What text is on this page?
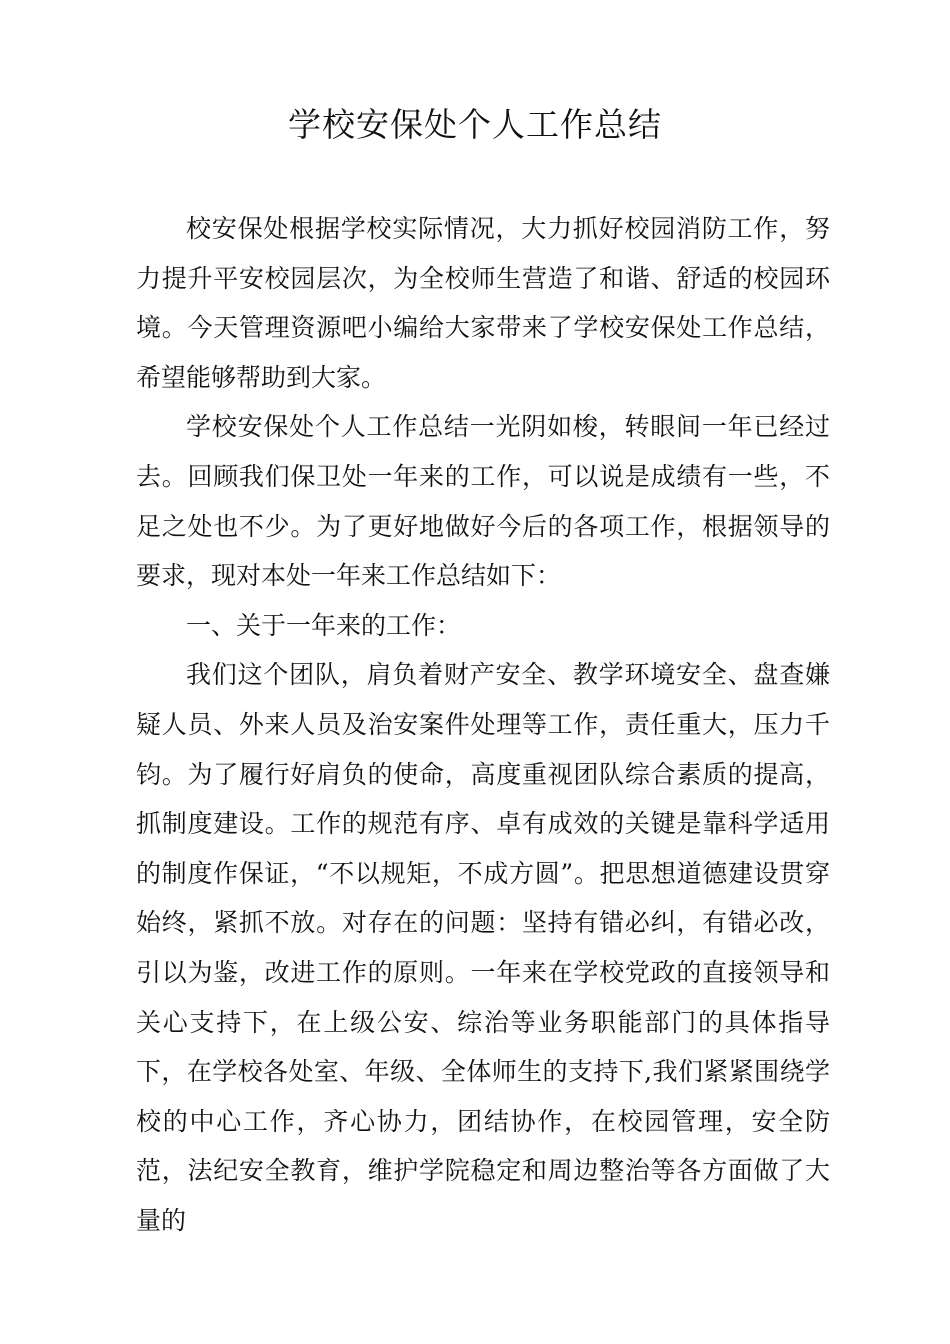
学校安保处个人工作总结

校安保处根据学校实际情况，大力抓好校园消防工作，努力提升平安校园层次，为全校师生营造了和谐、舒适的校园环境。今天管理资源吧小编给大家带来了学校安保处工作总结，希望能够帮助到大家。

学校安保处个人工作总结一光阴如梭，转眼间一年已经过去。回顾我们保卫处一年来的工作，可以说是成绩有一些，不足之处也不少。为了更好地做好今后的各项工作，根据领导的要求，现对本处一年来工作总结如下：

一、关于一年来的工作：

我们这个团队，肩负着财产安全、教学环境安全、盘查嫌疑人员、外来人员及治安案件处理等工作，责任重大，压力千钧。为了履行好肩负的使命，高度重视团队综合素质的提高，抓制度建设。工作的规范有序、卓有成效的关键是靠科学适用的制度作保证，“不以规矩，不成方圆”。把思想道德建设贯穿始终，紧抓不放。对存在的问题：坚持有错必纠，有错必改，引以为鉴，改进工作的原则。一年来在学校党政的直接领导和关心支持下，在上级公安、综治等业务职能部门的具体指导下，在学校各处室、年级、全体师生的支持下,我们紧紧围绕学校的中心工作，齐心协力，团结协作，在校园管理，安全防范，法纪安全教育，维护学院稳定和周边整治等各方面做了大量的
